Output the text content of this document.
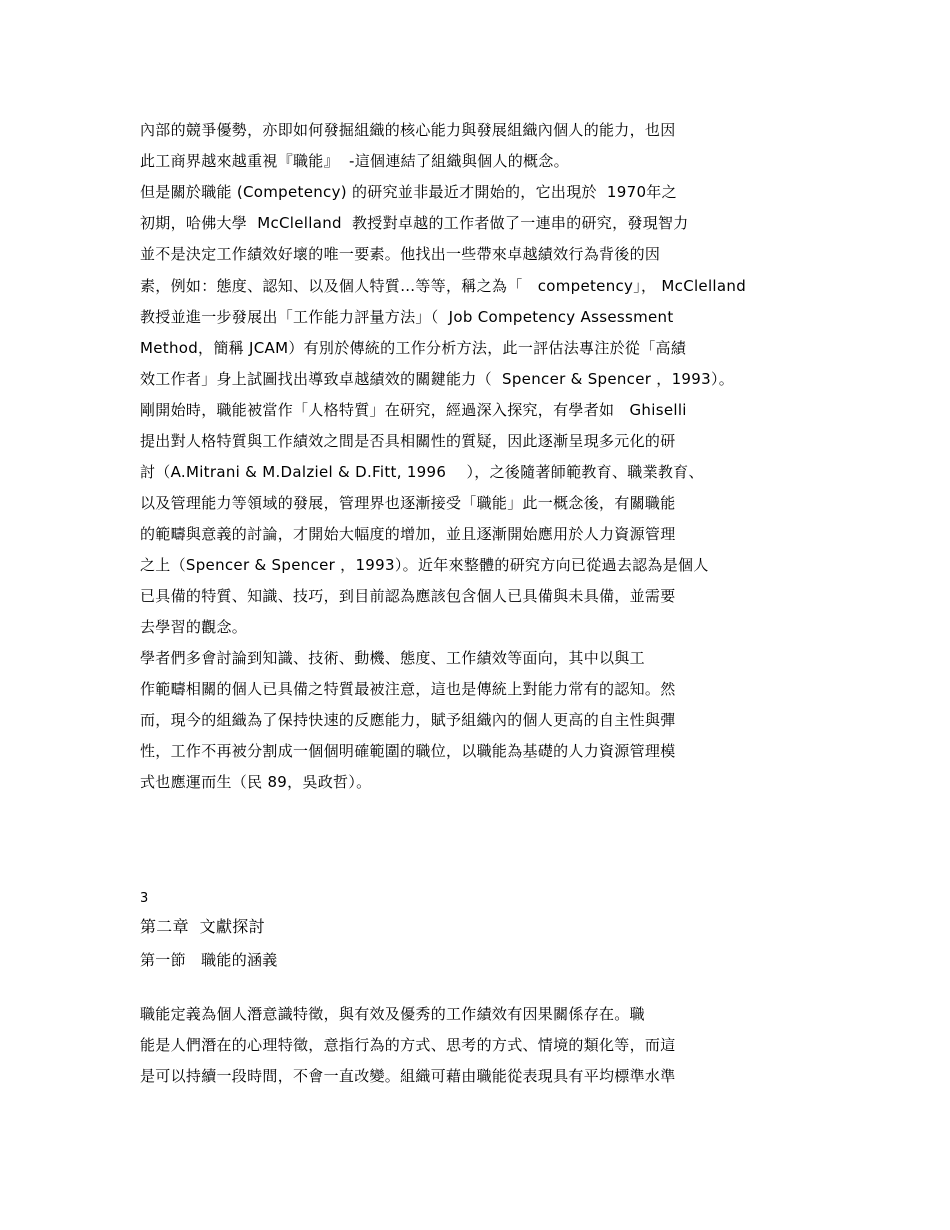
內部的競爭優勢，亦即如何發掘組織的核心能力與發展組織內個人的能力，也因
此工商界越來越重視『職能』  -這個連結了組織與個人的概念。
但是關於職能 (Competency) 的研究並非最近才開始的，它出現於  1970年之
初期，哈佛大學  McClelland  教授對卓越的工作者做了一連串的研究，發現智力
並不是決定工作績效好壞的唯一要素。他找出一些帶來卓越績效行為背後的因
素，例如：態度、認知、以及個人特質…等等，稱之為「   competency」， McClelland
教授並進一步發展出「工作能力評量方法」（  Job Competency Assessment
Method，簡稱 JCAM）有別於傳統的工作分析方法，此一評估法專注於從「高績
效工作者」身上試圖找出導致卓越績效的關鍵能力（  Spencer & Spencer ，1993）。
剛開始時，職能被當作「人格特質」在研究，經過深入探究，有學者如   Ghiselli
提出對人格特質與工作績效之間是否具相關性的質疑，因此逐漸呈現多元化的研
討（A.Mitrani & M.Dalziel & D.Fitt, 1996    ），之後隨著師範教育、職業教育、
以及管理能力等領域的發展，管理界也逐漸接受「職能」此一概念後，有關職能
的範疇與意義的討論，才開始大幅度的增加，並且逐漸開始應用於人力資源管理
之上（Spencer & Spencer ，1993）。近年來整體的研究方向已從過去認為是個人
已具備的特質、知識、技巧，到目前認為應該包含個人已具備與未具備，並需要
去學習的觀念。
學者們多會討論到知識、技術、動機、態度、工作績效等面向，其中以與工
作範疇相關的個人已具備之特質最被注意，這也是傳統上對能力常有的認知。然
而，現今的組織為了保持快速的反應能力，賦予組織內的個人更高的自主性與彈
性，工作不再被分割成一個個明確範圍的職位，以職能為基礎的人力資源管理模
式也應運而生（民 89，吳政哲）。
3
第二章  文獻探討
第一節   職能的涵義
職能定義為個人潛意識特徵，與有效及優秀的工作績效有因果關係存在。職
能是人們潛在的心理特徵，意指行為的方式、思考的方式、情境的類化等，而這
是可以持續一段時間，不會一直改變。組織可藉由職能從表現具有平均標準水準
